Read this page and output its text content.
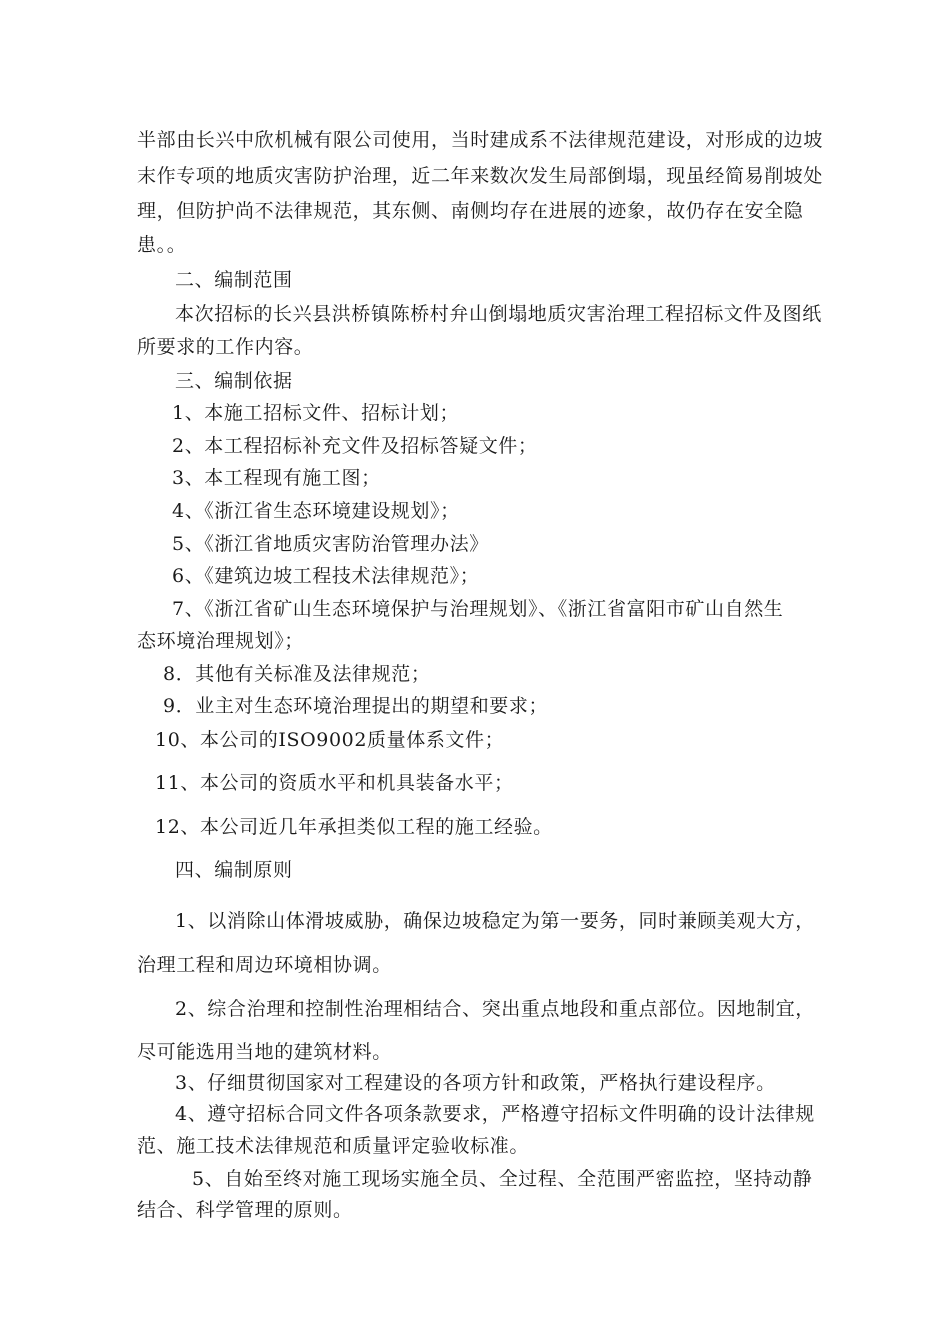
半部由长兴中欣机械有限公司使用，当时建成系不法律规范建设，对形成的边坡
末作专项的地质灾害防护治理，近二年来数次发生局部倒塌，现虽经简易削坡处
理，但防护尚不法律规范，其东侧、南侧均存在进展的迹象，故仍存在安全隐
患。。
二、编制范围
本次招标的长兴县洪桥镇陈桥村弁山倒塌地质灾害治理工程招标文件及图纸
所要求的工作内容。
三、编制依据
1、本施工招标文件、招标计划；
2、本工程招标补充文件及招标答疑文件；
3、本工程现有施工图；
4、《浙江省生态环境建设规划》；
5、《浙江省地质灾害防治管理办法》
6、《建筑边坡工程技术法律规范》；
7、《浙江省矿山生态环境保护与治理规划》、《浙江省富阳市矿山自然生
态环境治理规划》；
8．其他有关标准及法律规范；
9．业主对生态环境治理提出的期望和要求；
10、本公司的ISO9002质量体系文件；
11、本公司的资质水平和机具装备水平；
12、本公司近几年承担类似工程的施工经验。
四、编制原则
1、以消除山体滑坡威胁，确保边坡稳定为第一要务，同时兼顾美观大方，
治理工程和周边环境相协调。
2、综合治理和控制性治理相结合、突出重点地段和重点部位。因地制宜，
尽可能选用当地的建筑材料。
3、仔细贯彻国家对工程建设的各项方针和政策，严格执行建设程序。
4、遵守招标合同文件各项条款要求，严格遵守招标文件明确的设计法律规
范、施工技术法律规范和质量评定验收标准。
5、自始至终对施工现场实施全员、全过程、全范围严密监控，坚持动静
结合、科学管理的原则。
